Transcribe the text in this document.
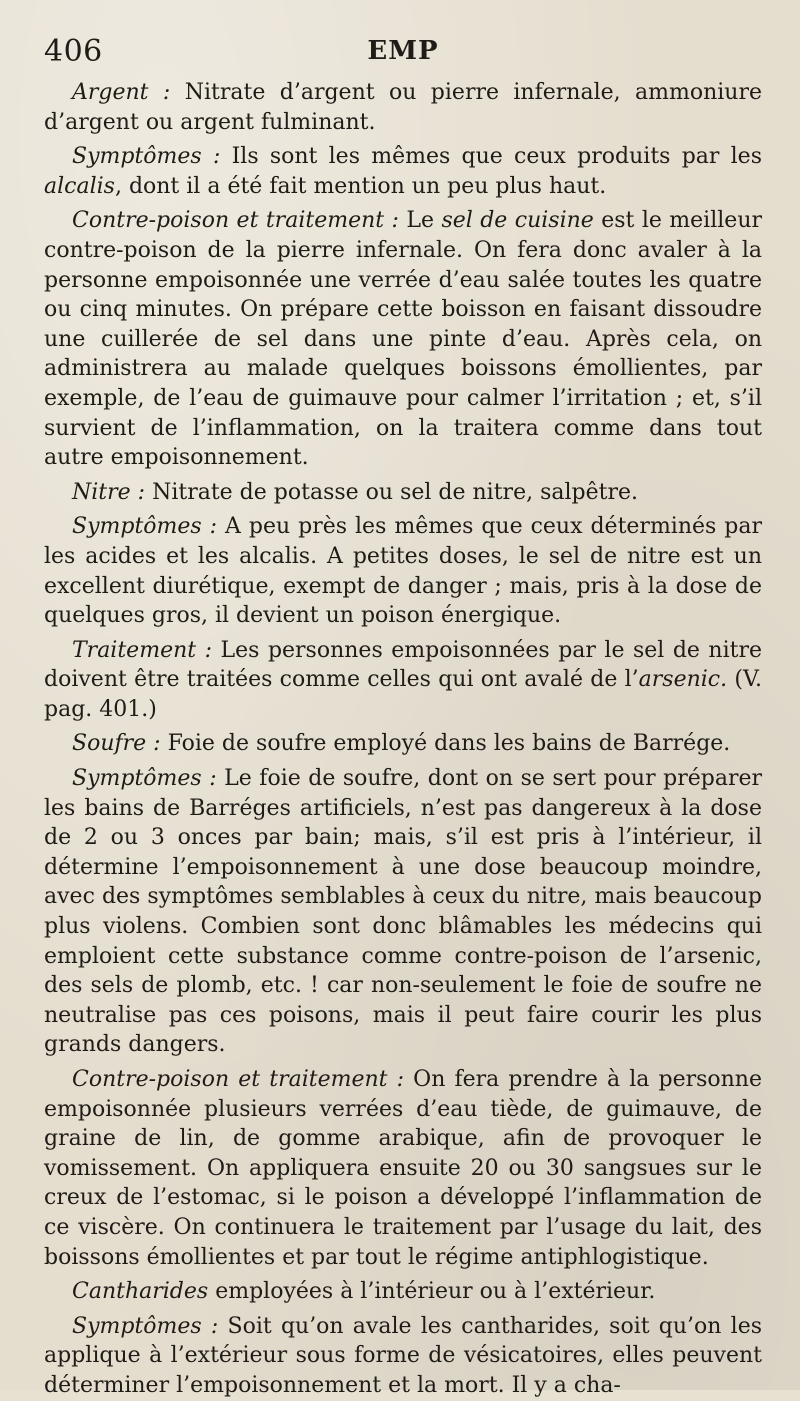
406	EMP

Argent : Nitrate d’argent ou pierre infernale, ammoniure d’argent ou argent fulminant.

Symptômes : Ils sont les mêmes que ceux produits par les alcalis, dont il a été fait mention un peu plus haut.

Contre-poison et traitement : Le sel de cuisine est le meilleur contre-poison de la pierre infernale. On fera donc avaler à la personne empoisonnée une verrée d’eau salée toutes les quatre ou cinq minutes. On prépare cette boisson en faisant dissoudre une cuillerée de sel dans une pinte d’eau. Après cela, on administrera au malade quelques boissons émollientes, par exemple, de l’eau de guimauve pour calmer l’irritation ; et, s’il survient de l’inflammation, on la traitera comme dans tout autre empoisonnement.

Nitre : Nitrate de potasse ou sel de nitre, salpêtre.

Symptômes : A peu près les mêmes que ceux déterminés par les acides et les alcalis. A petites doses, le sel de nitre est un excellent diurétique, exempt de danger ; mais, pris à la dose de quelques gros, il devient un poison énergique.

Traitement : Les personnes empoisonnées par le sel de nitre doivent être traitées comme celles qui ont avalé de l’arsenic. (V. pag. 401.)

Soufre : Foie de soufre employé dans les bains de Barrége.

Symptômes : Le foie de soufre, dont on se sert pour préparer les bains de Barréges artificiels, n’est pas dangereux à la dose de 2 ou 3 onces par bain; mais, s’il est pris à l’intérieur, il détermine l’empoisonnement à une dose beaucoup moindre, avec des symptômes semblables à ceux du nitre, mais beaucoup plus violens. Combien sont donc blâmables les médecins qui emploient cette substance comme contre-poison de l’arsenic, des sels de plomb, etc. ! car non-seulement le foie de soufre ne neutralise pas ces poisons, mais il peut faire courir les plus grands dangers.

Contre-poison et traitement : On fera prendre à la personne empoisonnée plusieurs verrées d’eau tiède, de guimauve, de graine de lin, de gomme arabique, afin de provoquer le vomissement. On appliquera ensuite 20 ou 30 sangsues sur le creux de l’estomac, si le poison a développé l’inflammation de ce viscère. On continuera le traitement par l’usage du lait, des boissons émollientes et par tout le régime antiphlogistique.

Cantharides employées à l’intérieur ou à l’extérieur.

Symptômes : Soit qu’on avale les cantharides, soit qu’on les applique à l’extérieur sous forme de vésicatoires, elles peuvent déterminer l’empoisonnement et la mort. Il y a cha-
